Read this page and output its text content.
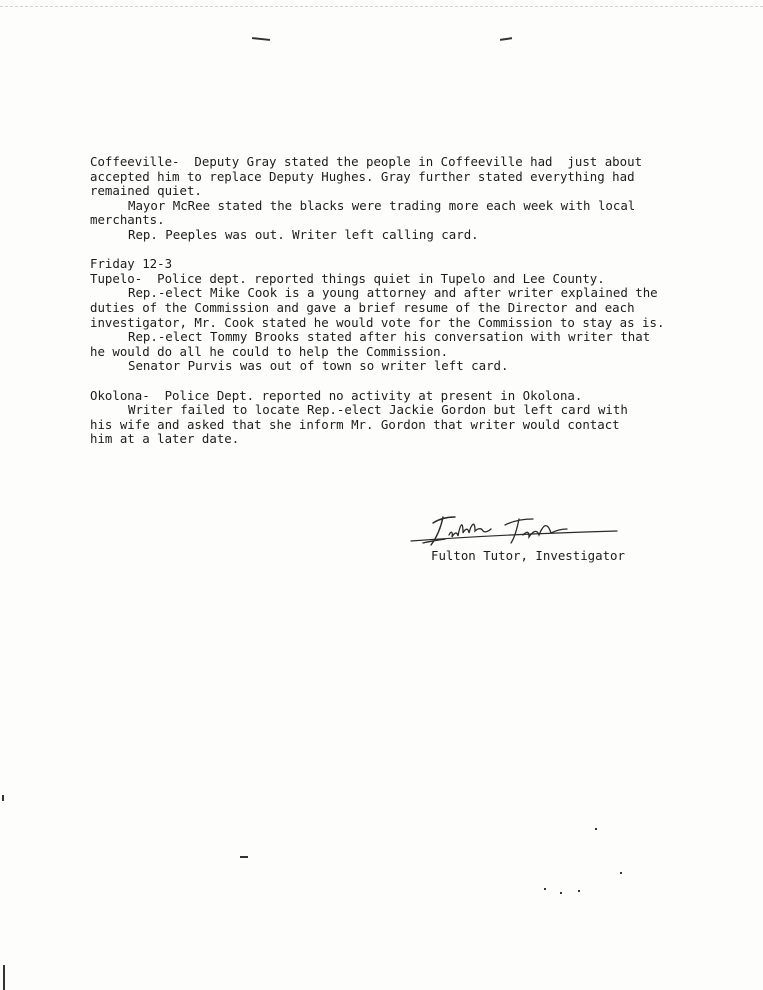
Coffeeville-  Deputy Gray stated the people in Coffeeville had  just about
accepted him to replace Deputy Hughes. Gray further stated everything had
remained quiet.
Mayor McRee stated the blacks were trading more each week with local
merchants.
Rep. Peeples was out. Writer left calling card.
Friday 12-3
Tupelo-  Police dept. reported things quiet in Tupelo and Lee County.
Rep.-elect Mike Cook is a young attorney and after writer explained the
duties of the Commission and gave a brief resume of the Director and each
investigator, Mr. Cook stated he would vote for the Commission to stay as is.
Rep.-elect Tommy Brooks stated after his conversation with writer that
he would do all he could to help the Commission.
Senator Purvis was out of town so writer left card.
Okolona-  Police Dept. reported no activity at present in Okolona.
Writer failed to locate Rep.-elect Jackie Gordon but left card with
his wife and asked that she inform Mr. Gordon that writer would contact
him at a later date.
Fulton Tutor, Investigator
